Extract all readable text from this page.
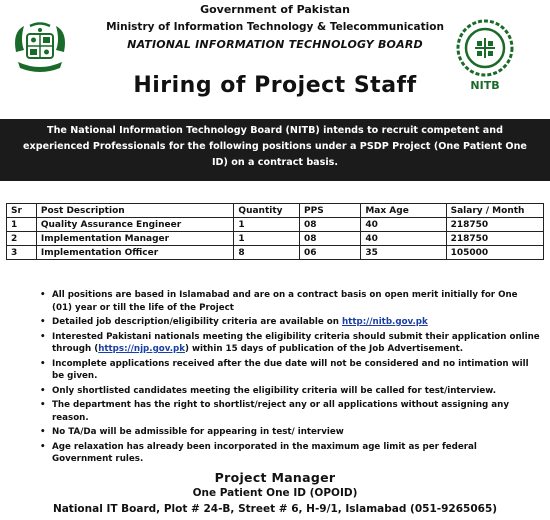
Government of Pakistan
Ministry of Information Technology & Telecommunication
NATIONAL INFORMATION TECHNOLOGY BOARD
NITB
Hiring of Project Staff
The National Information Technology Board (NITB) intends to recruit competent and experienced Professionals for the following positions under a PSDP Project (One Patient One ID) on a contract basis.
Sr	Post Description	Quantity	PPS	Max Age	Salary / Month
1	Quality Assurance Engineer	1	08	40	218750
2	Implementation Manager	1	08	40	218750
3	Implementation Officer	8	06	35	105000
• All positions are based in Islamabad and are on a contract basis on open merit initially for One (01) year or till the life of the Project
• Detailed job description/eligibility criteria are available on http://nitb.gov.pk
• Interested Pakistani nationals meeting the eligibility criteria should submit their application online through (https://njp.gov.pk) within 15 days of publication of the Job Advertisement.
• Incomplete applications received after the due date will not be considered and no intimation will be given.
• Only shortlisted candidates meeting the eligibility criteria will be called for test/interview.
• The department has the right to shortlist/reject any or all applications without assigning any reason.
• No TA/Da will be admissible for appearing in test/ interview
• Age relaxation has already been incorporated in the maximum age limit as per federal Government rules.

Project Manager

One Patient One ID (OPOID)

National IT Board, Plot # 24-B, Street # 6, H-9/1, Islamabad (051-9265065)
